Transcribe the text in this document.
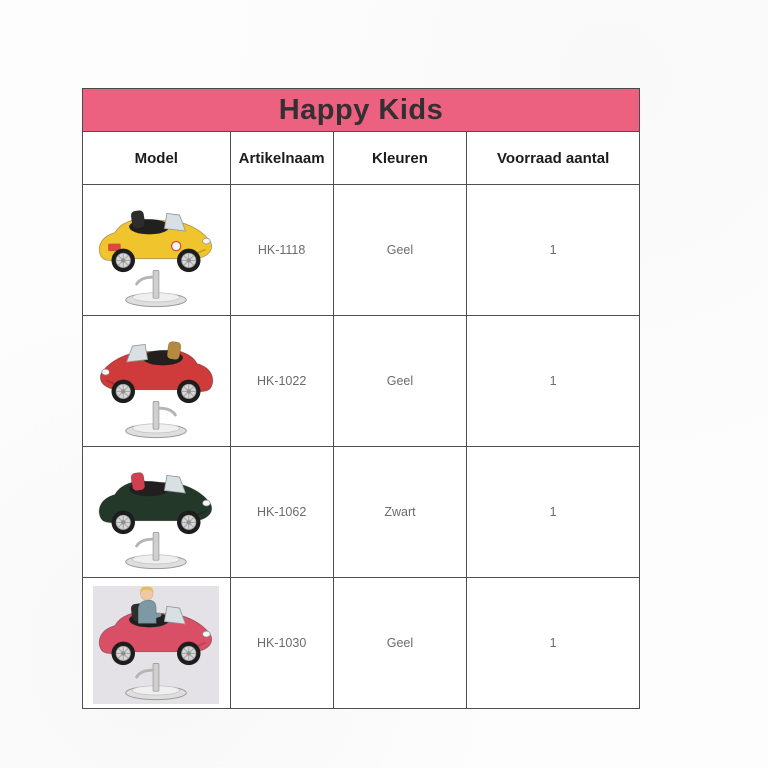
Happy Kids
Model	Artikelnaam	Kleuren	Voorraad aantal

	HK-1118	Geel	1

	HK-1022	Geel	1

	HK-1062	Zwart	1

	HK-1030	Geel	1
